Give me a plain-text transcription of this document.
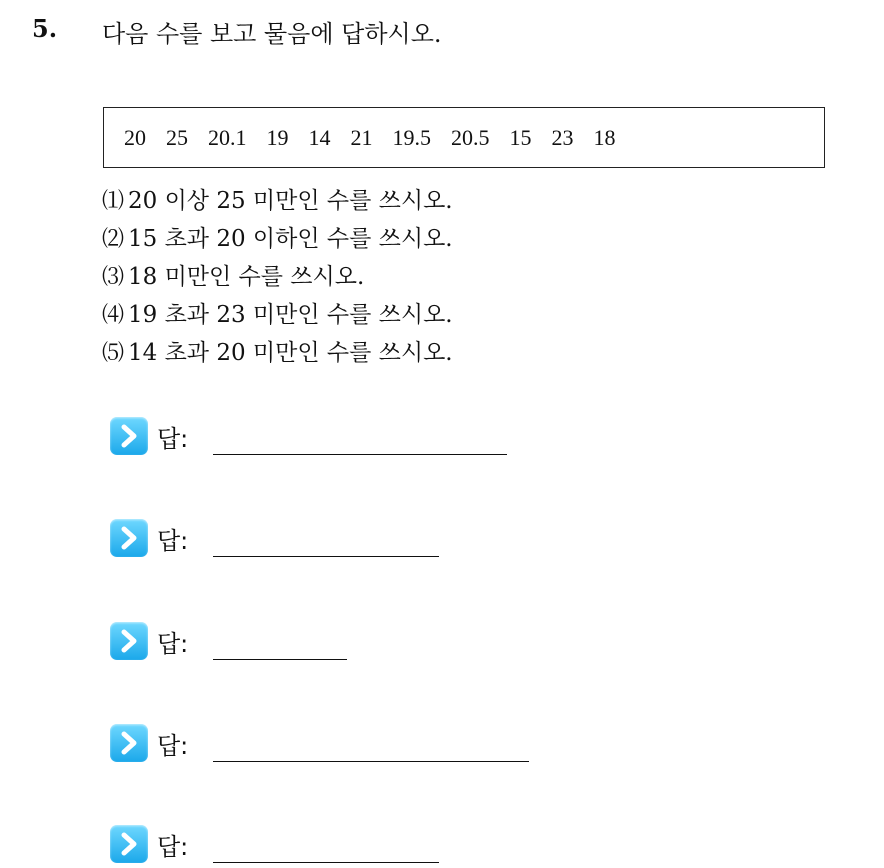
5. 다음 수를 보고 물음에 답하시오.
20 25 20.1 19 14 21 19.5 20.5 15 23 18
⑴ 20 이상 25 미만인 수를 쓰시오.
⑵ 15 초과 20 이하인 수를 쓰시오.
⑶ 18 미만인 수를 쓰시오.
⑷ 19 초과 23 미만인 수를 쓰시오.
⑸ 14 초과 20 미만인 수를 쓰시오.
답:
답:
답:
답:
답:
